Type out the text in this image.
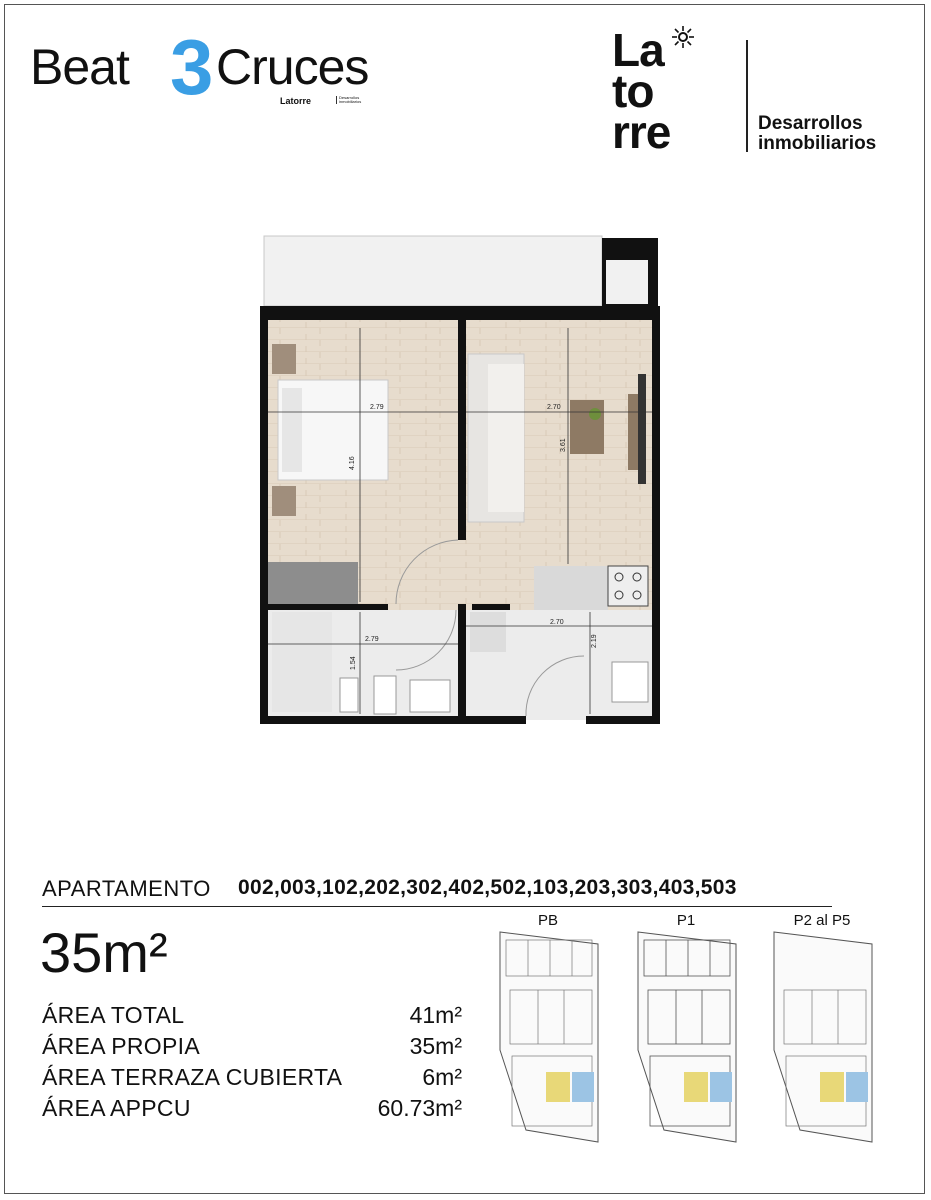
Beat 3 Cruces
Latorre	Desarrollos inmobiliarios
La
to
rre	Desarrollos
inmobiliarios
2.79
4.16
2.70
3.61
2.79
1.54
2.70
2.19
APARTAMENTO 002,003,102,202,302,402,502,103,203,303,403,503
35m²
ÁREA TOTAL	41m²
ÁREA PROPIA	35m²
ÁREA TERRAZA CUBIERTA	6m²
ÁREA APPCU	60.73m²
PB	P1	P2 al P5
